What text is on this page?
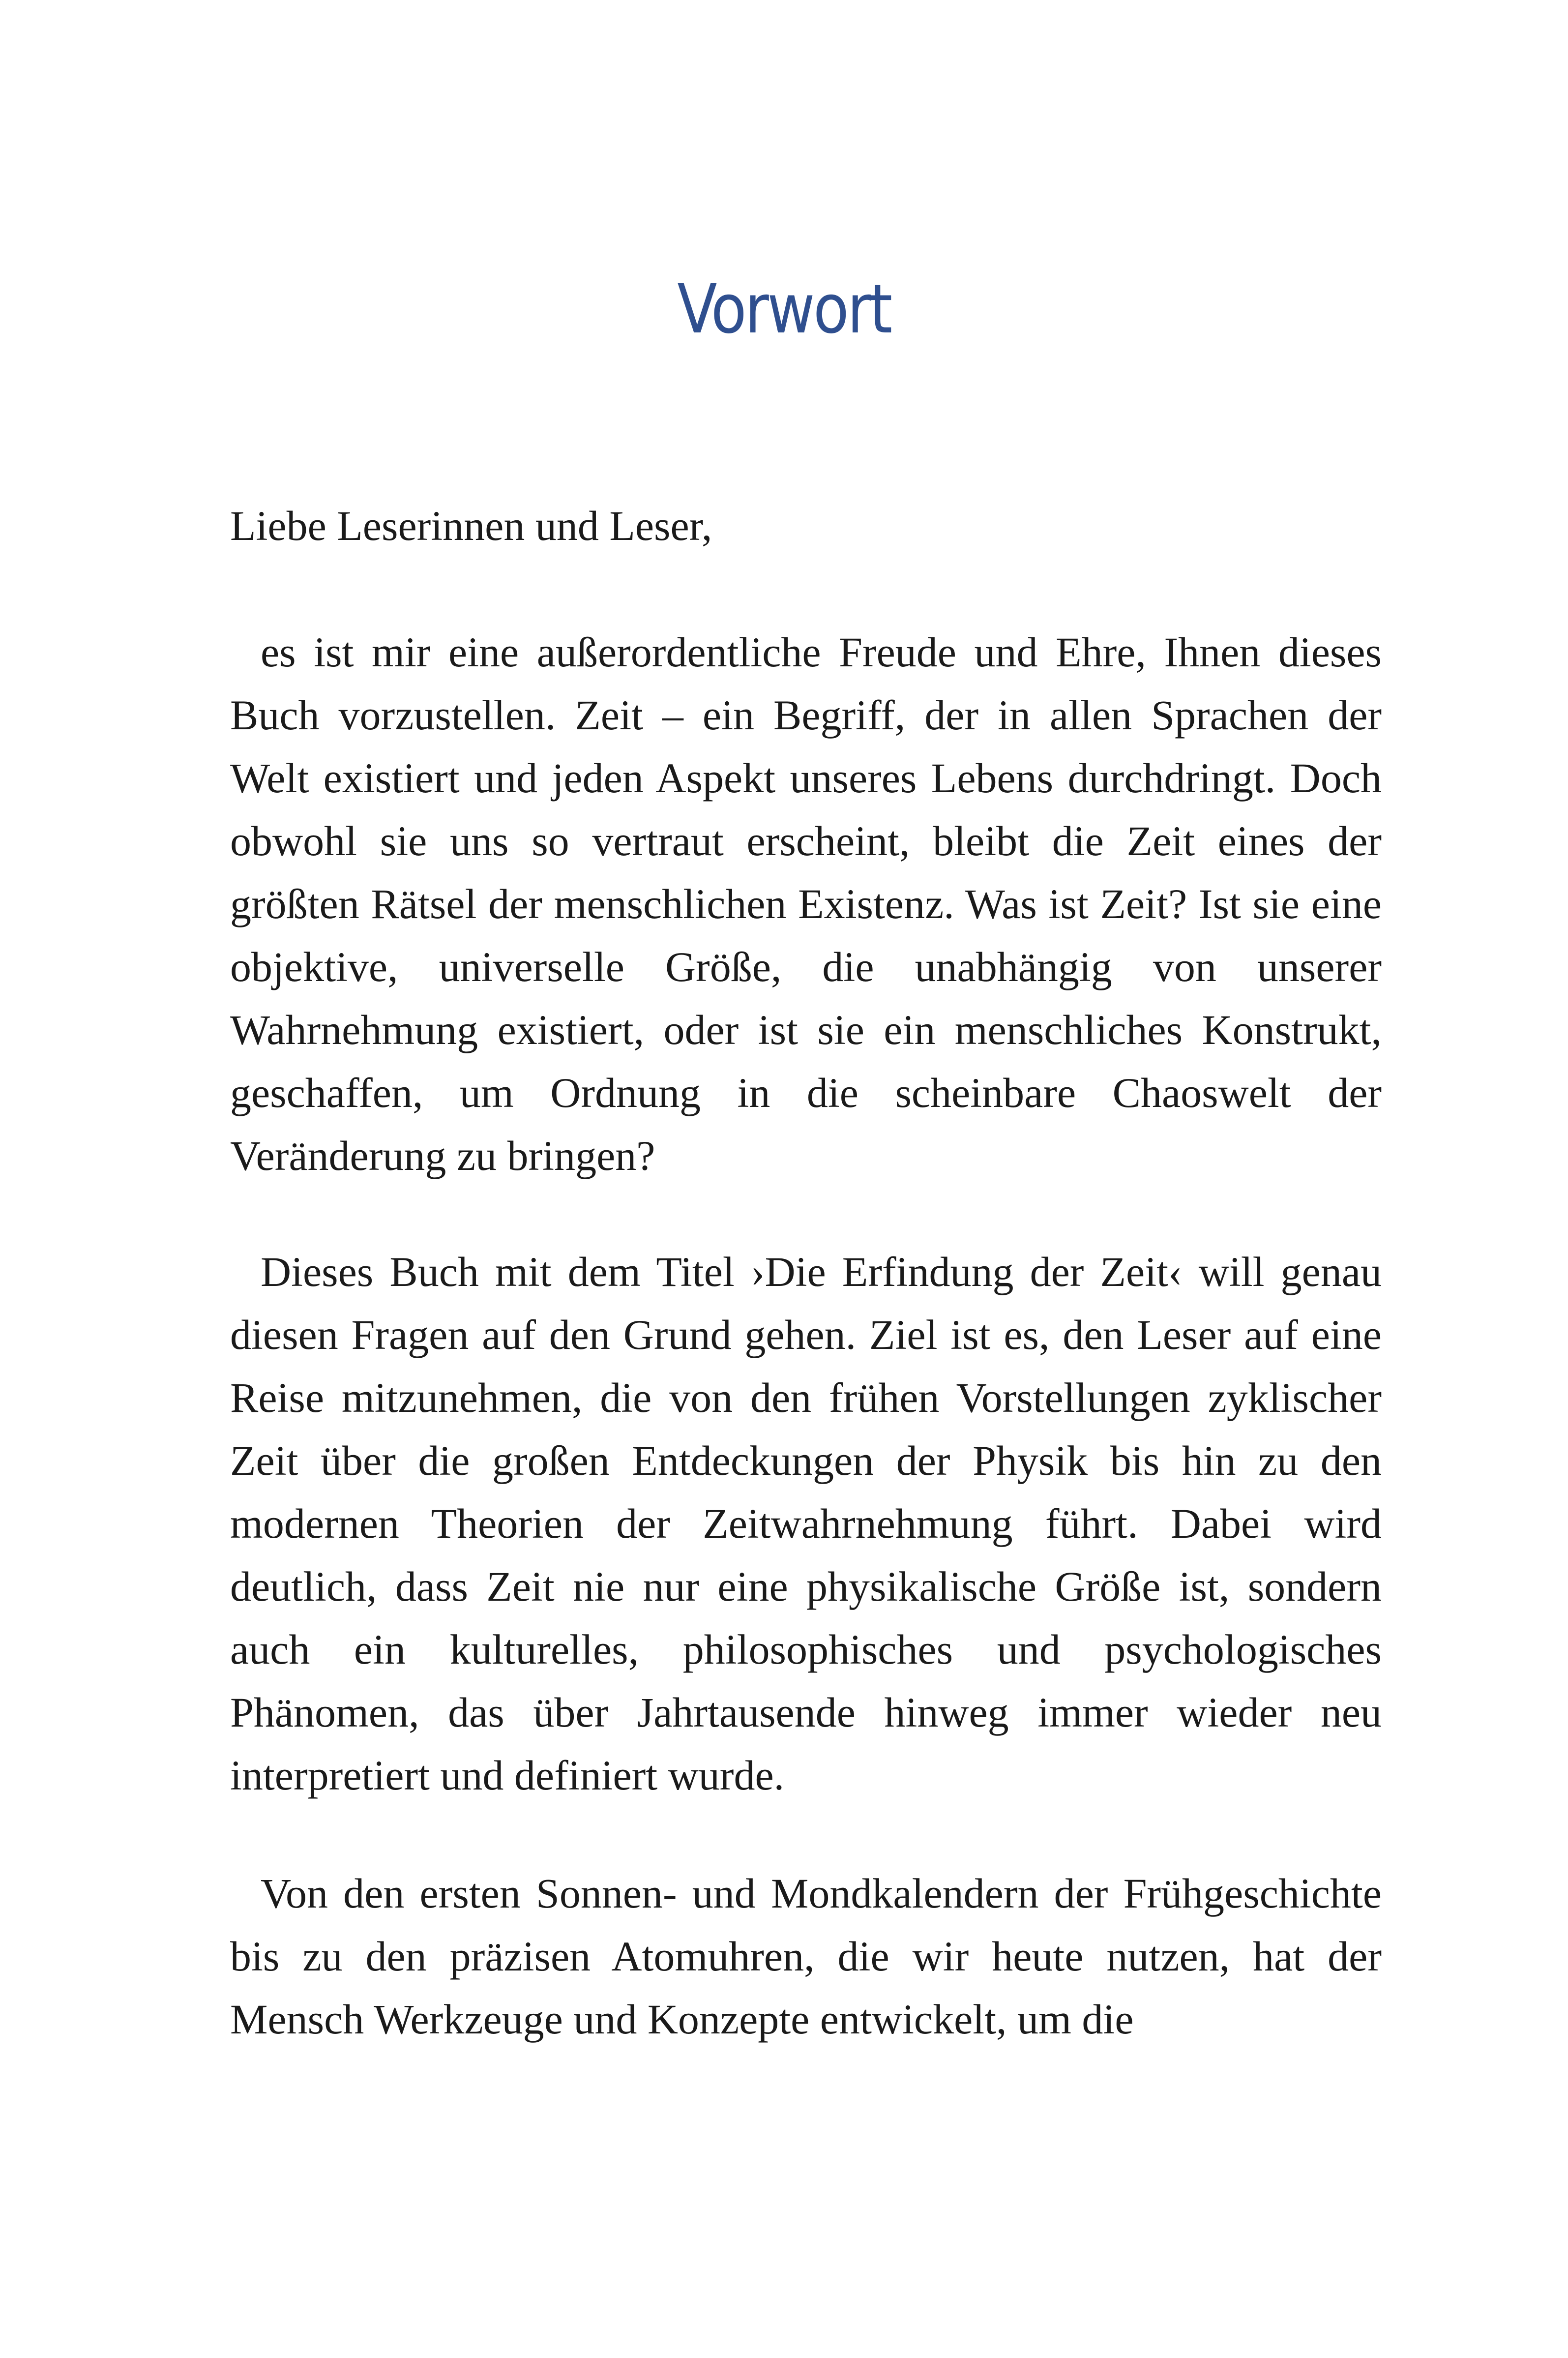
Vorwort
Liebe Leserinnen und Leser,

es ist mir eine außerordentliche Freude und Ehre, Ihnen dieses Buch vorzustellen. Zeit – ein Begriff, der in allen Sprachen der Welt existiert und jeden Aspekt unseres Lebens durchdringt. Doch obwohl sie uns so vertraut erscheint, bleibt die Zeit eines der größten Rätsel der menschlichen Existenz. Was ist Zeit? Ist sie eine objektive, universelle Größe, die unabhängig von unserer Wahrnehmung existiert, oder ist sie ein menschliches Konstrukt, geschaffen, um Ordnung in die scheinbare Chaoswelt der Veränderung zu bringen?

Dieses Buch mit dem Titel ›Die Erfindung der Zeit‹ will genau diesen Fragen auf den Grund gehen. Ziel ist es, den Leser auf eine Reise mitzunehmen, die von den frühen Vorstellungen zyklischer Zeit über die großen Entdeckungen der Physik bis hin zu den modernen Theorien der Zeitwahrnehmung führt. Dabei wird deutlich, dass Zeit nie nur eine physikalische Größe ist, sondern auch ein kulturelles, philosophisches und psychologisches Phänomen, das über Jahrtausende hinweg immer wieder neu interpretiert und definiert wurde.

Von den ersten Sonnen- und Mondkalendern der Frühgeschichte bis zu den präzisen Atomuhren, die wir heute nutzen, hat der Mensch Werkzeuge und Konzepte entwickelt, um die
